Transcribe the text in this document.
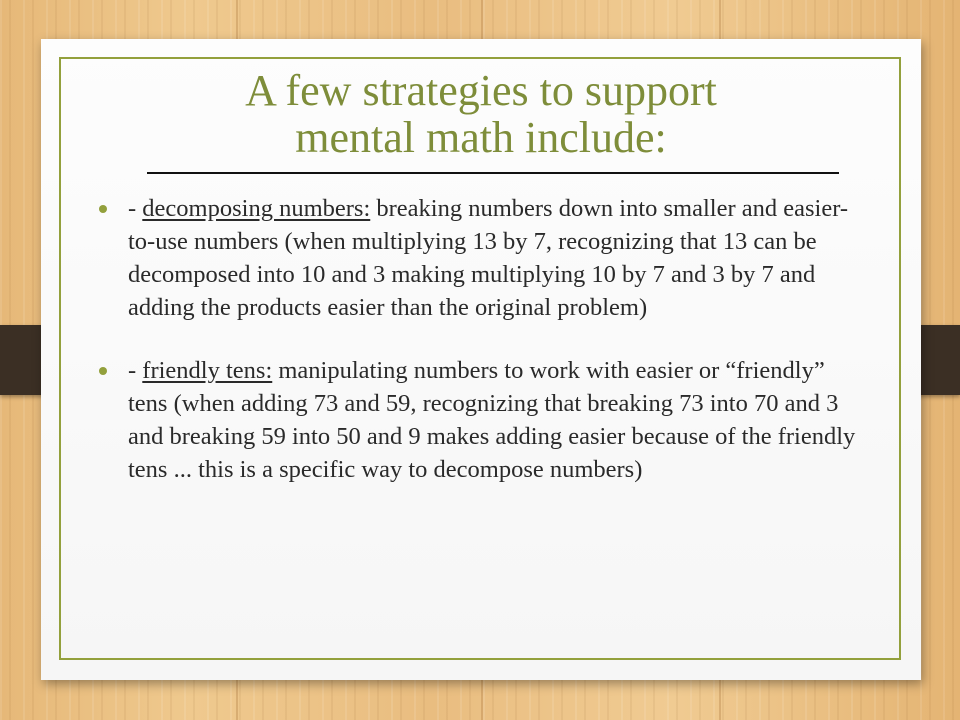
A few strategies to support
mental math include:
- decomposing numbers: breaking numbers down into smaller and easier-to-use numbers (when multiplying 13 by 7, recognizing that 13 can be decomposed into 10 and 3 making multiplying 10 by 7 and 3 by 7 and adding the products easier than the original problem)
- friendly tens: manipulating numbers to work with easier or “friendly” tens (when adding 73 and 59, recognizing that breaking 73 into 70 and 3 and breaking 59 into 50 and 9 makes adding easier because of the friendly tens ... this is a specific way to decompose numbers)
